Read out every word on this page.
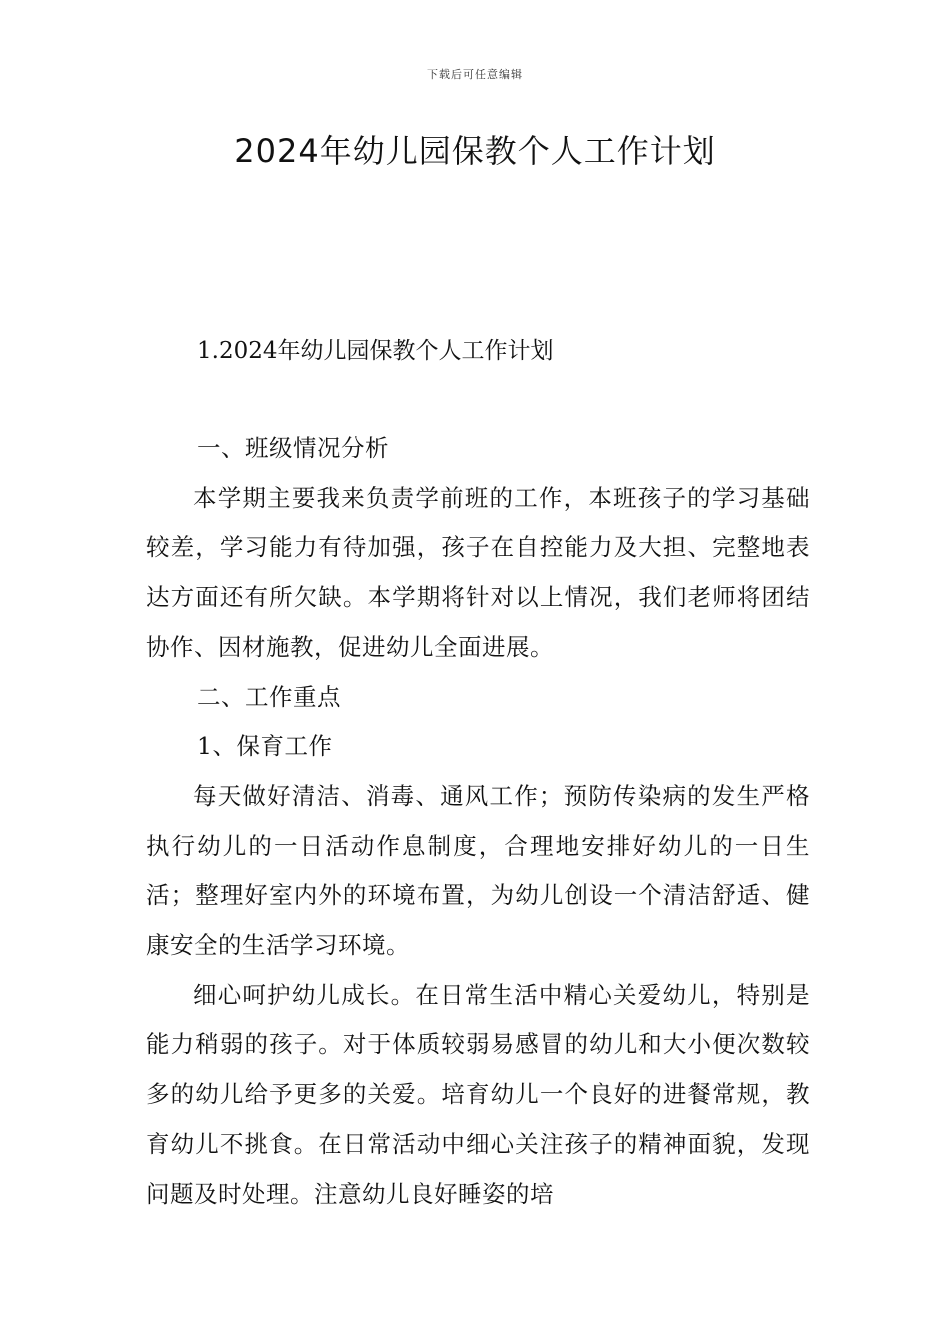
下载后可任意编辑
2024年幼儿园保教个人工作计划
1.2024年幼儿园保教个人工作计划

一、班级情况分析

本学期主要我来负责学前班的工作，本班孩子的学习基础较差，学习能力有待加强，孩子在自控能力及大担、完整地表达方面还有所欠缺。本学期将针对以上情况，我们老师将团结协作、因材施教，促进幼儿全面进展。

二、工作重点

1、保育工作

每天做好清洁、消毒、通风工作；预防传染病的发生严格执行幼儿的一日活动作息制度，合理地安排好幼儿的一日生活；整理好室内外的环境布置，为幼儿创设一个清洁舒适、健康安全的生活学习环境。

细心呵护幼儿成长。在日常生活中精心关爱幼儿，特别是能力稍弱的孩子。对于体质较弱易感冒的幼儿和大小便次数较多的幼儿给予更多的关爱。培育幼儿一个良好的进餐常规，教育幼儿不挑食。在日常活动中细心关注孩子的精神面貌，发现问题及时处理。注意幼儿良好睡姿的培
